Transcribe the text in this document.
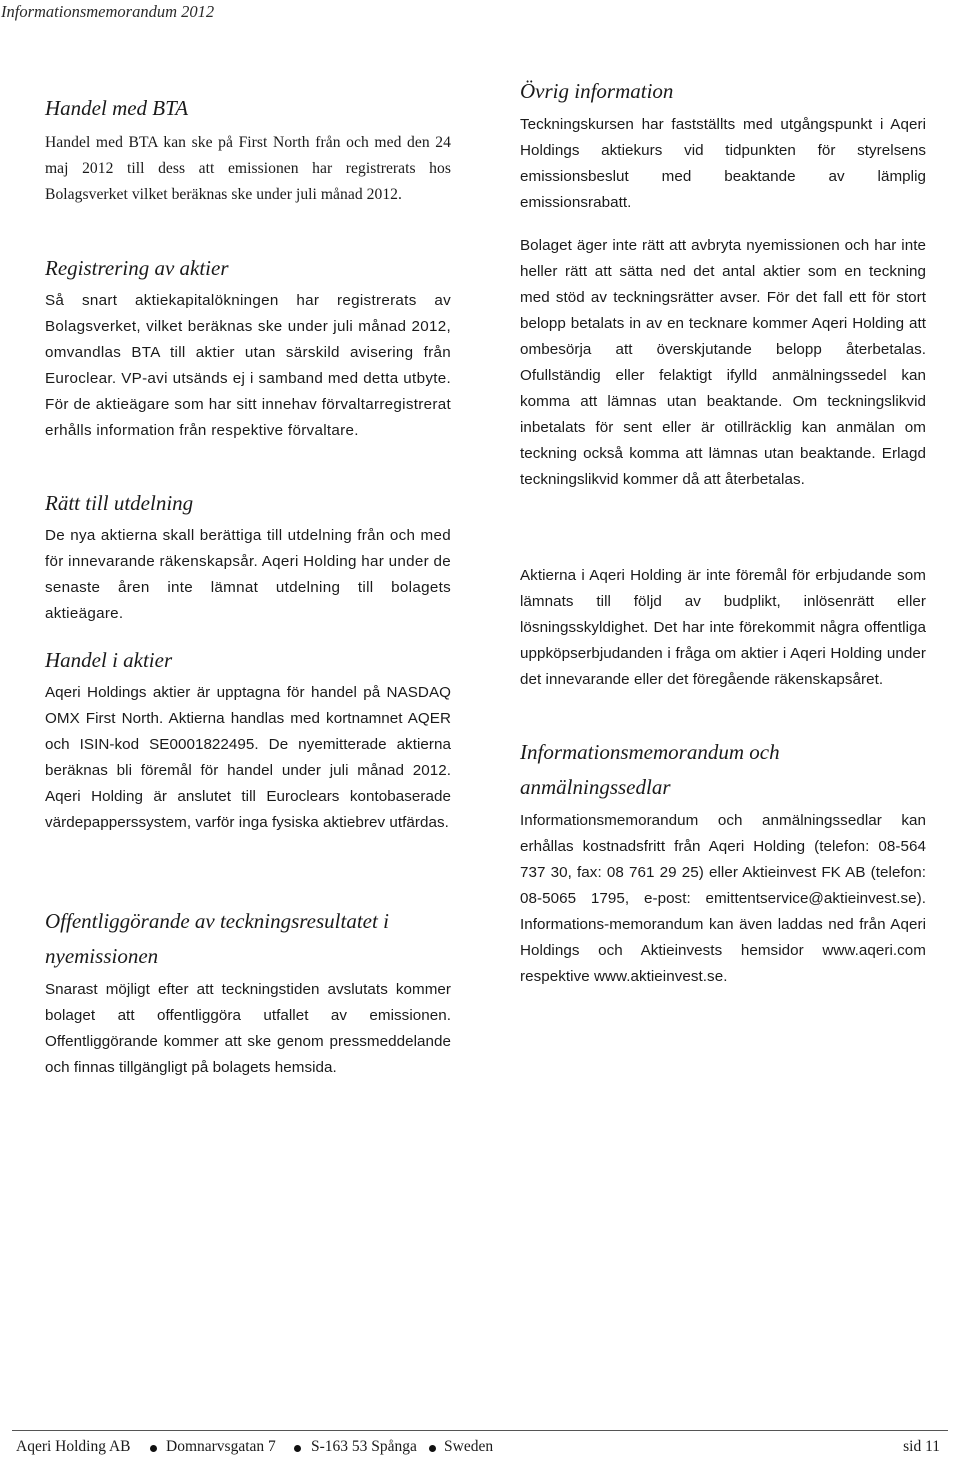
Informationsmemorandum 2012
Handel med BTA
Handel med BTA kan ske på First North från och med den 24 maj 2012 till dess att emissionen har registrerats hos Bolagsverket vilket beräknas ske under juli månad 2012.
Registrering av aktier
Så snart aktiekapitalökningen har registrerats av Bolagsverket, vilket beräknas ske under juli månad 2012, omvandlas BTA till aktier utan särskild avisering från Euroclear. VP-avi utsänds ej i samband med detta utbyte. För de aktieägare som har sitt innehav förvaltarregistrerat erhålls information från respektive förvaltare.
Rätt till utdelning
De nya aktierna skall berättiga till utdelning från och med för innevarande räkenskapsår. Aqeri Holding har under de senaste åren inte lämnat utdelning till bolagets aktieägare.
Handel i aktier
Aqeri Holdings aktier är upptagna för handel på NASDAQ OMX First North. Aktierna handlas med kortnamnet AQER och ISIN-kod SE0001822495. De nyemitterade aktierna beräknas bli föremål för handel under juli månad 2012. Aqeri Holding är anslutet till Euroclears kontobaserade värdepapperssystem, varför inga fysiska aktiebrev utfärdas.
Offentliggörande av teckningsresultatet i nyemissionen
Snarast möjligt efter att teckningstiden avslutats kommer bolaget att offentliggöra utfallet av emissionen. Offentliggörande kommer att ske genom pressmeddelande och finnas tillgängligt på bolagets hemsida.
Övrig information
Teckningskursen har fastställts med utgångspunkt i Aqeri Holdings aktiekurs vid tidpunkten för styrelsens emissionsbeslut med beaktande av lämplig emissionsrabatt.
Bolaget äger inte rätt att avbryta nyemissionen och har inte heller rätt att sätta ned det antal aktier som en teckning med stöd av teckningsrätter avser. För det fall ett för stort belopp betalats in av en tecknare kommer Aqeri Holding att ombesörja att överskjutande belopp återbetalas. Ofullständig eller felaktigt ifylld anmälningssedel kan komma att lämnas utan beaktande. Om teckningslikvid inbetalats för sent eller är otillräcklig kan anmälan om teckning också komma att lämnas utan beaktande. Erlagd teckningslikvid kommer då att återbetalas.
Aktierna i Aqeri Holding är inte föremål för erbjudande som lämnats till följd av budplikt, inlösenrätt eller lösningsskyldighet. Det har inte förekommit några offentliga uppköpserbjudanden i fråga om aktier i Aqeri Holding under det innevarande eller det föregående räkenskapsåret.
Informationsmemorandum och anmälningssedlar
Informationsmemorandum och anmälningssedlar kan erhållas kostnadsfritt från Aqeri Holding (telefon: 08-564 737 30, fax: 08 761 29 25) eller Aktieinvest FK AB (telefon: 08-5065 1795, e-post: emittentservice@aktieinvest.se). Informations-memorandum kan även laddas ned från Aqeri Holdings och Aktieinvests hemsidor www.aqeri.com respektive www.aktieinvest.se.
Aqeri Holding AB Domnarvsgatan 7 S-163 53 Spånga Sweden	sid 11
